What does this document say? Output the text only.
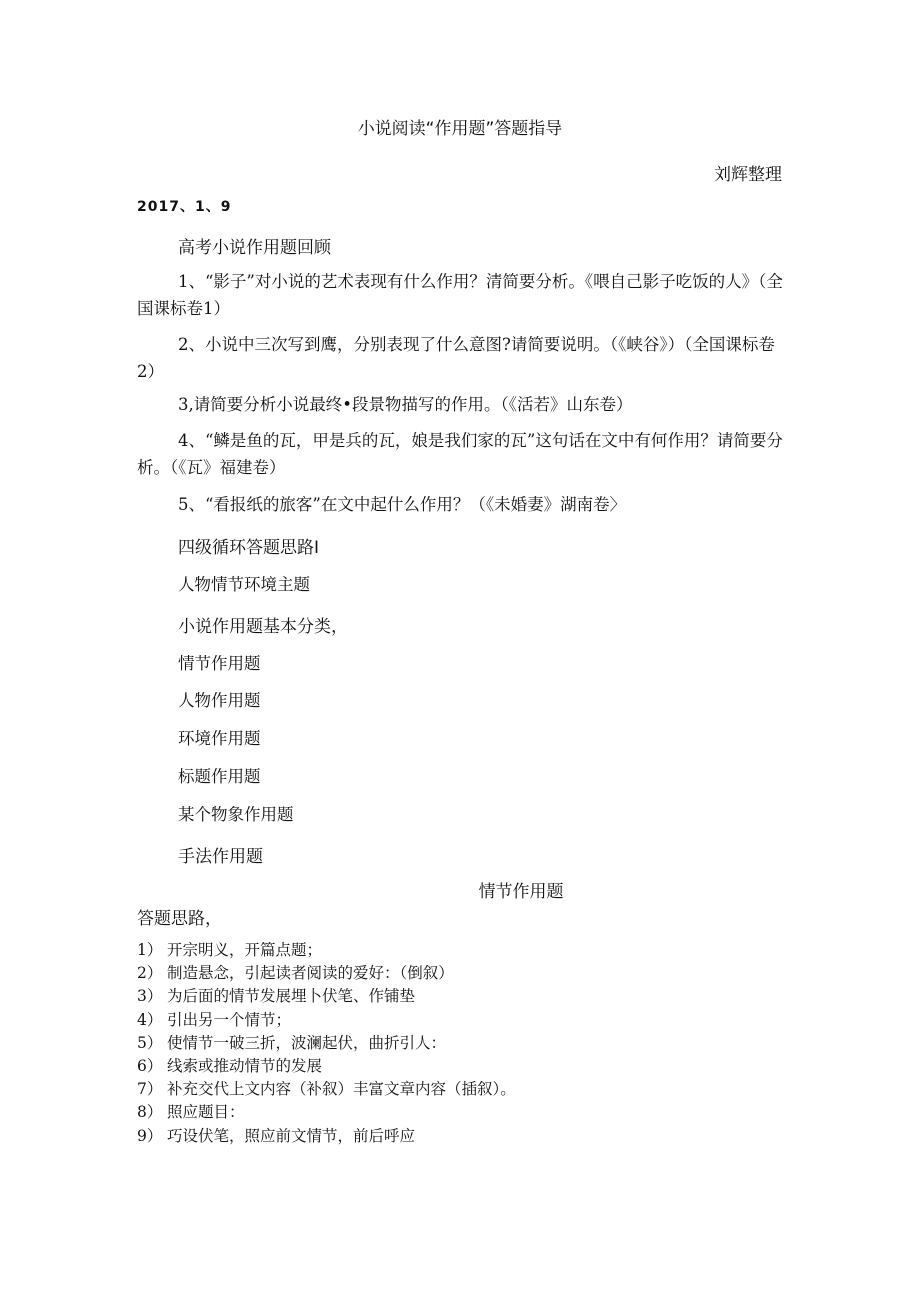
小说阅读“作用题”答题指导
刘辉整理
2017、1、9
高考小说作用题回顾
1、“影子”对小说的艺术表现有什么作用？清简要分析。《喂自己影子吃饭的人》（全国课标卷1）
2、小说中三次写到鹰，分别表现了什么意图?请简要说明。（《峡谷》）（全国课标卷2）
3,请简要分析小说最终•段景物描写的作用。（《活若》山东卷）
4、“鳞是鱼的瓦，甲是兵的瓦，娘是我们家的瓦”这句话在文中有何作用？请简要分析。（《瓦》福建卷）
5、“看报纸的旅客”在文中起什么作用？（《未婚妻》湖南卷〉
四级循环答题思路I
人物情节环境主题
小说作用题基本分类，
情节作用题
人物作用题
环境作用题
标题作用题
某个物象作用题
手法作用题
情节作用题
答题思路，
1） 开宗明义，开篇点题；
2） 制造悬念，引起读者阅读的爱好：（倒叙）
3） 为后面的情节发展埋卜伏笔、作铺垫
4） 引出另一个情节；
5） 使情节一破三折，波澜起伏，曲折引人：
6） 线索或推动情节的发展
7） 补充交代上文内容（补叙）丰富文章内容（插叙）。
8） 照应题目：
9） 巧设伏笔，照应前文情节，前后呼应
